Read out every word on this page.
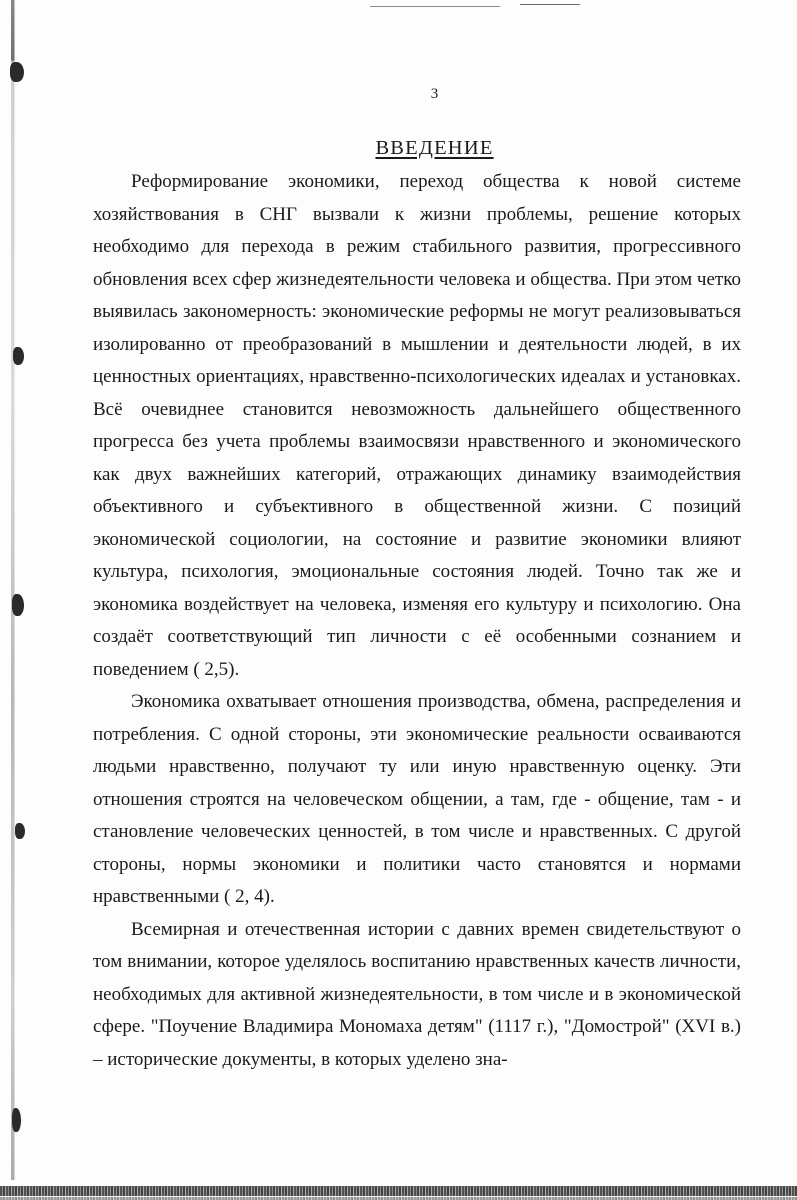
3
ВВЕДЕНИЕ

Реформирование экономики, переход общества к новой системе хозяйствования в СНГ вызвали к жизни проблемы, решение которых необходимо для перехода в режим стабильного развития, прогрессивного обновления всех сфер жизнедеятельности человека и общества. При этом четко выявилась закономерность: экономические реформы не могут реализовываться изолированно от преобразований в мышлении и деятельности людей, в их ценностных ориентациях, нравственно-психологических идеалах и установках. Всё очевиднее становится невозможность дальнейшего общественного прогресса без учета проблемы взаимосвязи нравственного и экономического как двух важнейших категорий, отражающих динамику взаимодействия объективного и субъективного в общественной жизни. С позиций экономической социологии, на состояние и развитие экономики влияют культура, психология, эмоциональные состояния людей. Точно так же и экономика воздействует на человека, изменяя его культуру и психологию. Она создаёт соответствующий тип личности с её особенными сознанием и поведением ( 2,5).

Экономика охватывает отношения производства, обмена, распределения и потребления. С одной стороны, эти экономические реальности осваиваются людьми нравственно, получают ту или иную нравственную оценку. Эти отношения строятся на человеческом общении, а там, где - общение, там - и становление человеческих ценностей, в том числе и нравственных. С другой стороны, нормы экономики и политики часто становятся и нормами нравственными ( 2, 4).

Всемирная и отечественная истории с давних времен свидетельствуют о том внимании, которое уделялось воспитанию нравственных качеств личности, необходимых для активной жизнедеятельности, в том числе и в экономической сфере. "Поучение Владимира Мономаха детям" (1117 г.), "Домострой" (XVI в.) – исторические документы, в которых уделено зна-
